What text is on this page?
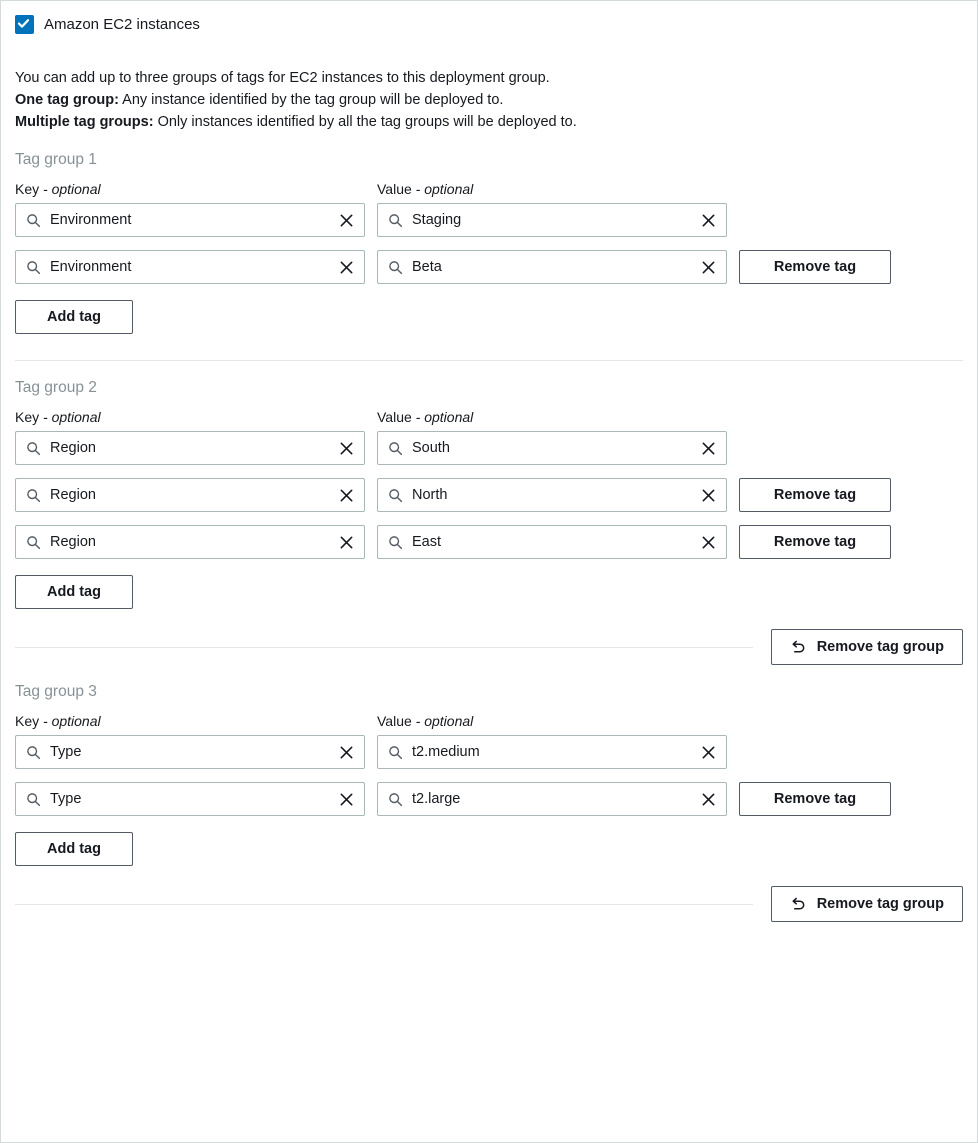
Amazon EC2 instances
You can add up to three groups of tags for EC2 instances to this deployment group.
One tag group: Any instance identified by the tag group will be deployed to.
Multiple tag groups: Only instances identified by all the tag groups will be deployed to.
Tag group 1
Key - optional	Value - optional
Environment	Staging
Environment	Beta	Remove tag
Add tag
Tag group 2
Key - optional	Value - optional
Region	South
Region	North	Remove tag
Region	East	Remove tag
Add tag
Remove tag group
Tag group 3
Key - optional	Value - optional
Type	t2.medium
Type	t2.large	Remove tag
Add tag
Remove tag group
